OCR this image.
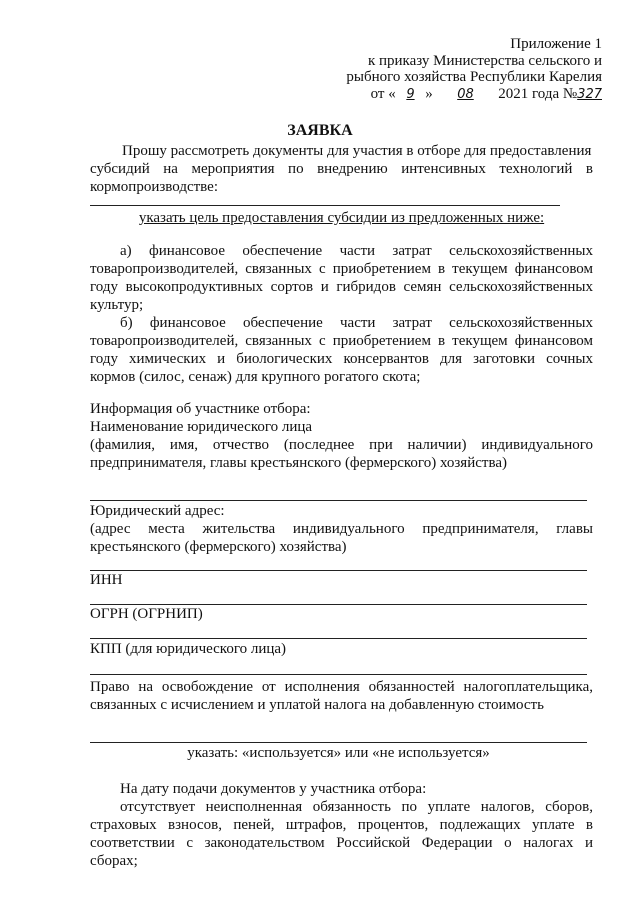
Приложение 1
к приказу Министерства сельского и
рыбного хозяйства Республики Карелия
от « 9 » 08 2021 года №327
ЗАЯВКА
Прошу рассмотреть документы для участия в отборе для предоставления
субсидий на мероприятия по внедрению интенсивных технологий в
кормопроизводстве:
указать цель предоставления субсидии из предложенных ниже:
а) финансовое обеспечение части затрат сельскохозяйственных
товаропроизводителей, связанных с приобретением в текущем финансовом
году высокопродуктивных сортов и гибридов семян сельскохозяйственных
культур;
б) финансовое обеспечение части затрат сельскохозяйственных
товаропроизводителей, связанных с приобретением в текущем финансовом
году химических и биологических консервантов для заготовки сочных
кормов (силос, сенаж) для крупного рогатого скота;
Информация об участнике отбора:
Наименование юридического лица
(фамилия, имя, отчество (последнее при наличии) индивидуального
предпринимателя, главы крестьянского (фермерского) хозяйства)
Юридический адрес:
(адрес места жительства индивидуального предпринимателя, главы
крестьянского (фермерского) хозяйства)
ИНН
ОГРН (ОГРНИП)
КПП (для юридического лица)
Право на освобождение от исполнения обязанностей налогоплательщика,
связанных с исчислением и уплатой налога на добавленную стоимость
указать: «используется» или «не используется»
На дату подачи документов у участника отбора:
отсутствует неисполненная обязанность по уплате налогов, сборов,
страховых взносов, пеней, штрафов, процентов, подлежащих уплате в
соответствии с законодательством Российской Федерации о налогах и
сборах;
